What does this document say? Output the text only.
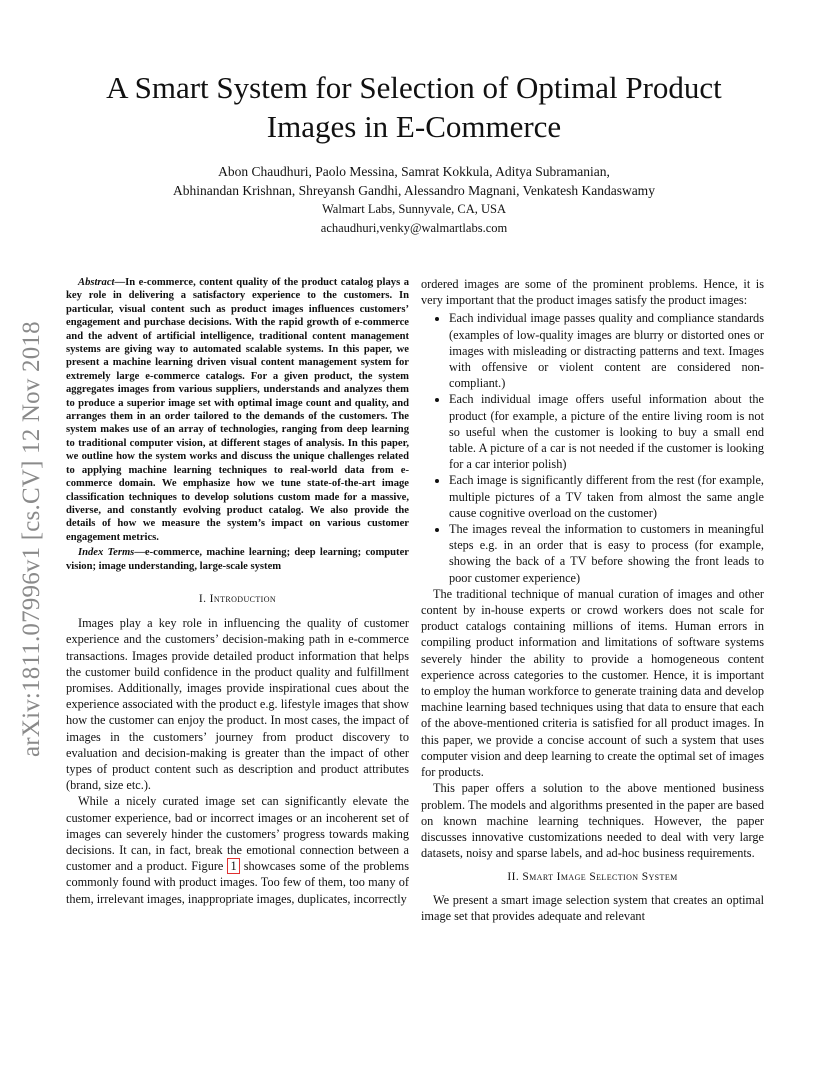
arXiv:1811.07996v1 [cs.CV] 12 Nov 2018
A Smart System for Selection of Optimal Product
Images in E-Commerce
Abon Chaudhuri, Paolo Messina, Samrat Kokkula, Aditya Subramanian,
Abhinandan Krishnan, Shreyansh Gandhi, Alessandro Magnani, Venkatesh Kandaswamy
Walmart Labs, Sunnyvale, CA, USA
achaudhuri,venky@walmartlabs.com

Abstract—In e-commerce, content quality of the product catalog plays a key role in delivering a satisfactory experience to the customers. In particular, visual content such as product images influences customers’ engagement and purchase decisions. With the rapid growth of e-commerce and the advent of artificial intelligence, traditional content management systems are giving way to automated scalable systems. In this paper, we present a machine learning driven visual content management system for extremely large e-commerce catalogs. For a given product, the system aggregates images from various suppliers, understands and analyzes them to produce a superior image set with optimal image count and quality, and arranges them in an order tailored to the demands of the customers. The system makes use of an array of technologies, ranging from deep learning to traditional computer vision, at different stages of analysis. In this paper, we outline how the system works and discuss the unique challenges related to applying machine learning techniques to real-world data from e-commerce domain. We emphasize how we tune state-of-the-art image classification techniques to develop solutions custom made for a massive, diverse, and constantly evolving product catalog. We also provide the details of how we measure the system’s impact on various customer engagement metrics.

Index Terms—e-commerce, machine learning; deep learning; computer vision; image understanding, large-scale system

I. Introduction

Images play a key role in influencing the quality of customer experience and the customers’ decision-making path in e-commerce transactions. Images provide detailed product information that helps the customer build confidence in the product quality and fulfillment promises. Additionally, images provide inspirational cues about the experience associated with the product e.g. lifestyle images that show how the customer can enjoy the product. In most cases, the impact of images in the customers’ journey from product discovery to evaluation and decision-making is greater than the impact of other types of product content such as description and product attributes (brand, size etc.).

While a nicely curated image set can significantly elevate the customer experience, bad or incorrect images or an incoherent set of images can severely hinder the customers’ progress towards making decisions. It can, in fact, break the emotional connection between a customer and a product. Figure 1 showcases some of the problems commonly found with product images. Too few of them, too many of them, irrelevant images, inappropriate images, duplicates, incorrectly

ordered images are some of the prominent problems. Hence, it is very important that the product images satisfy the product images:

• Each individual image passes quality and compliance standards (examples of low-quality images are blurry or distorted ones or images with misleading or distracting patterns and text. Images with offensive or violent content are considered non-compliant.)
• Each individual image offers useful information about the product (for example, a picture of the entire living room is not so useful when the customer is looking to buy a small end table. A picture of a car is not needed if the customer is looking for a car interior polish)
• Each image is significantly different from the rest (for example, multiple pictures of a TV taken from almost the same angle cause cognitive overload on the customer)
• The images reveal the information to customers in meaningful steps e.g. in an order that is easy to process (for example, showing the back of a TV before showing the front leads to poor customer experience)

The traditional technique of manual curation of images and other content by in-house experts or crowd workers does not scale for product catalogs containing millions of items. Human errors in compiling product information and limitations of software systems severely hinder the ability to provide a homogeneous content experience across categories to the customer. Hence, it is important to employ the human workforce to generate training data and develop machine learning based techniques using that data to ensure that each of the above-mentioned criteria is satisfied for all product images. In this paper, we provide a concise account of such a system that uses computer vision and deep learning to create the optimal set of images for products.

This paper offers a solution to the above mentioned business problem. The models and algorithms presented in the paper are based on known machine learning techniques. However, the paper discusses innovative customizations needed to deal with very large datasets, noisy and sparse labels, and ad-hoc business requirements.

II. Smart Image Selection System

We present a smart image selection system that creates an optimal image set that provides adequate and relevant
